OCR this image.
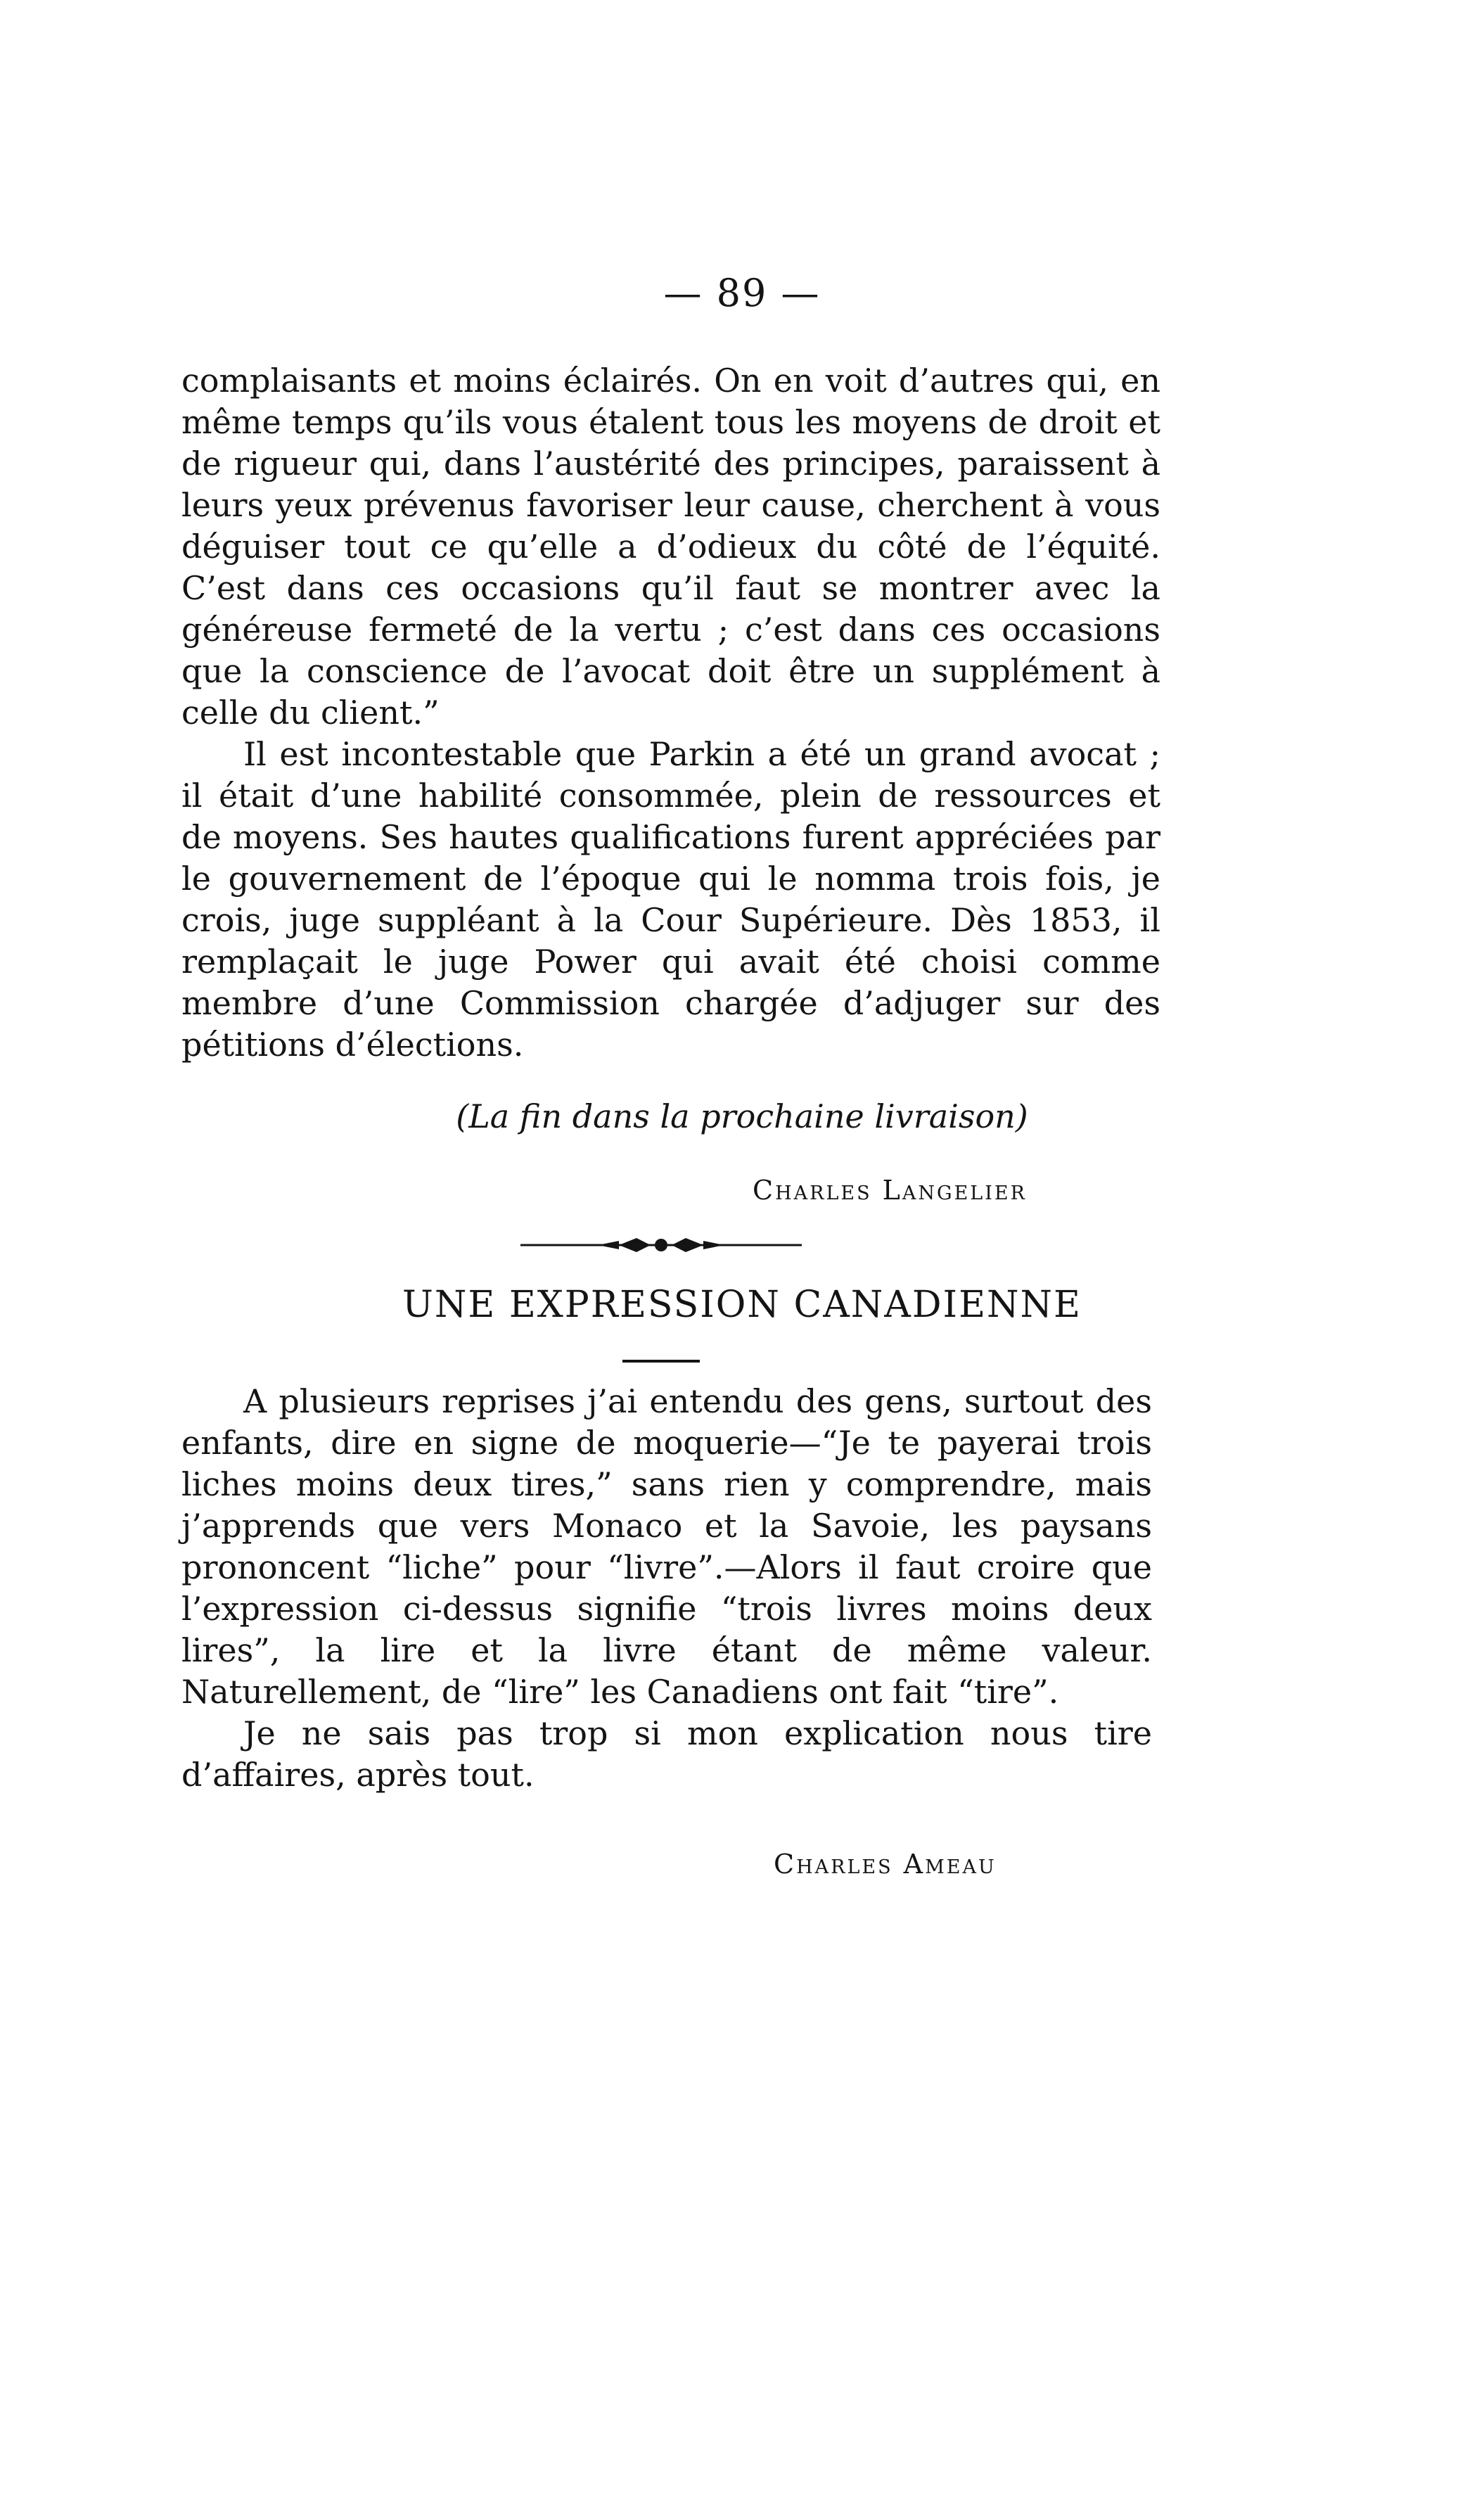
— 89 —

complaisants et moins éclairés. On en voit d’autres qui, en même temps qu’ils vous étalent tous les moyens de droit et de rigueur qui, dans l’austérité des principes, paraissent à leurs yeux prévenus favoriser leur cause, cherchent à vous déguiser tout ce qu’elle a d’odieux du côté de l’équité. C’est dans ces occasions qu’il faut se montrer avec la généreuse fermeté de la vertu ; c’est dans ces occasions que la conscience de l’avocat doit être un supplément à celle du client.”

Il est incontestable que Parkin a été un grand avocat ; il était d’une habilité consommée, plein de ressources et de moyens. Ses hautes qualifications furent appréciées par le gouvernement de l’époque qui le nomma trois fois, je crois, juge suppléant à la Cour Supérieure. Dès 1853, il remplaçait le juge Power qui avait été choisi comme membre d’une Commission chargée d’adjuger sur des pétitions d’élections.

(La fin dans la prochaine livraison)
Charles Langelier
UNE EXPRESSION CANADIENNE

A plusieurs reprises j’ai entendu des gens, surtout des enfants, dire en signe de moquerie—“Je te payerai trois liches moins deux tires,” sans rien y comprendre, mais j’apprends que vers Monaco et la Savoie, les paysans prononcent “liche” pour “livre”.—Alors il faut croire que l’expression ci-dessus signifie “trois livres moins deux lires”, la lire et la livre étant de même valeur. Naturellement, de “lire” les Canadiens ont fait “tire”.

Je ne sais pas trop si mon explication nous tire d’affaires, après tout.

Charles Ameau
